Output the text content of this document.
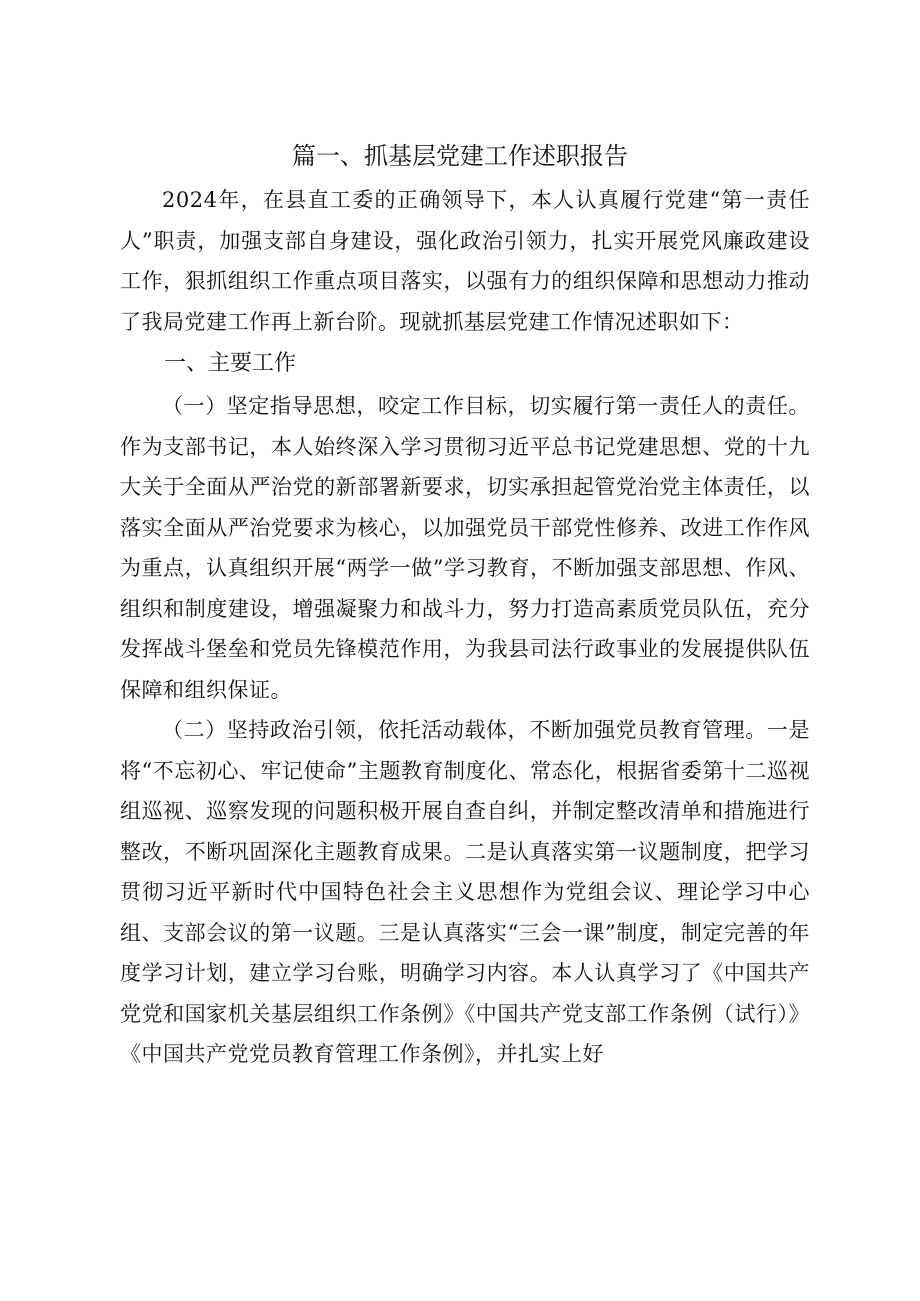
篇一、抓基层党建工作述职报告

2024年，在县直工委的正确领导下，本人认真履行党建“第一责任人”职责，加强支部自身建设，强化政治引领力，扎实开展党风廉政建设工作，狠抓组织工作重点项目落实，以强有力的组织保障和思想动力推动了我局党建工作再上新台阶。现就抓基层党建工作情况述职如下：

一、主要工作

（一）坚定指导思想，咬定工作目标，切实履行第一责任人的责任。作为支部书记，本人始终深入学习贯彻习近平总书记党建思想、党的十九大关于全面从严治党的新部署新要求，切实承担起管党治党主体责任，以落实全面从严治党要求为核心，以加强党员干部党性修养、改进工作作风为重点，认真组织开展“两学一做”学习教育，不断加强支部思想、作风、组织和制度建设，增强凝聚力和战斗力，努力打造高素质党员队伍，充分发挥战斗堡垒和党员先锋模范作用，为我县司法行政事业的发展提供队伍保障和组织保证。

（二）坚持政治引领，依托活动载体，不断加强党员教育管理。一是将“不忘初心、牢记使命”主题教育制度化、常态化，根据省委第十二巡视组巡视、巡察发现的问题积极开展自查自纠，并制定整改清单和措施进行整改，不断巩固深化主题教育成果。二是认真落实第一议题制度，把学习贯彻习近平新时代中国特色社会主义思想作为党组会议、理论学习中心组、支部会议的第一议题。三是认真落实“三会一课”制度，制定完善的年度学习计划，建立学习台账，明确学习内容。本人认真学习了《中国共产党党和国家机关基层组织工作条例》《中国共产党支部工作条例（试行）》《中国共产党党员教育管理工作条例》，并扎实上好
